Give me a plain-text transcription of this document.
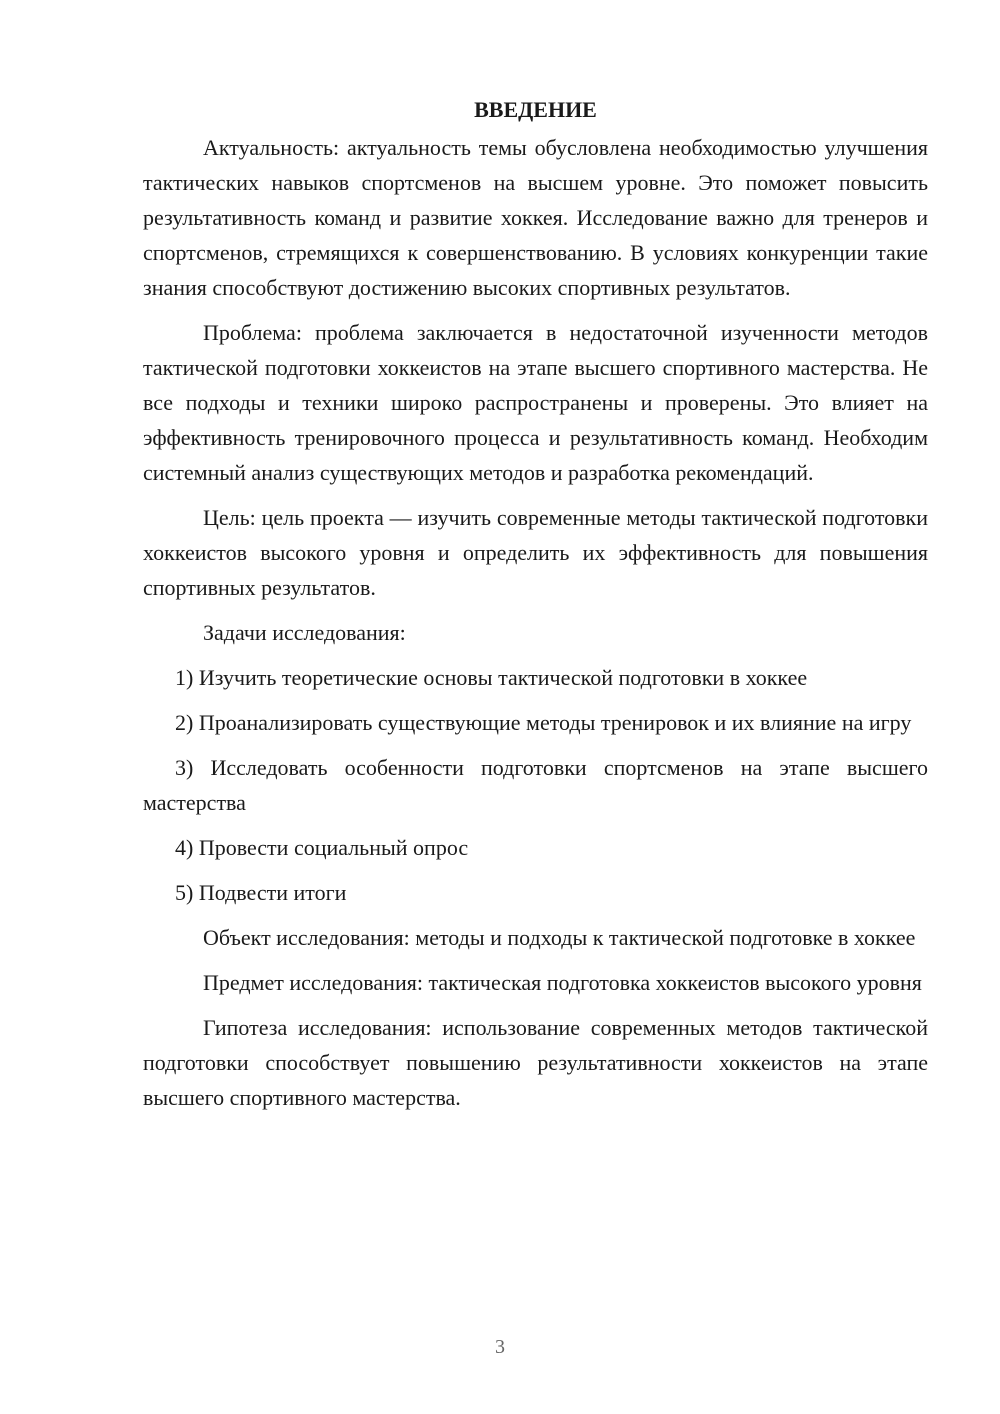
ВВЕДЕНИЕ

Актуальность: актуальность темы обусловлена необходимостью улучшения тактических навыков спортсменов на высшем уровне. Это поможет повысить результативность команд и развитие хоккея. Исследование важно для тренеров и спортсменов, стремящихся к совершенствованию. В условиях конкуренции такие знания способствуют достижению высоких спортивных результатов.

Проблема: проблема заключается в недостаточной изученности методов тактической подготовки хоккеистов на этапе высшего спортивного мастерства. Не все подходы и техники широко распространены и проверены. Это влияет на эффективность тренировочного процесса и результативность команд. Необходим системный анализ существующих методов и разработка рекомендаций.

Цель: цель проекта — изучить современные методы тактической подготовки хоккеистов высокого уровня и определить их эффективность для повышения спортивных результатов.

Задачи исследования:

1) Изучить теоретические основы тактической подготовки в хоккее

2) Проанализировать существующие методы тренировок и их влияние на игру

3) Исследовать особенности подготовки спортсменов на этапе высшего мастерства

4) Провести социальный опрос

5) Подвести итоги

Объект исследования: методы и подходы к тактической подготовке в хоккее

Предмет исследования: тактическая подготовка хоккеистов высокого уровня

Гипотеза исследования: использование современных методов тактической подготовки способствует повышению результативности хоккеистов на этапе высшего спортивного мастерства.

3
